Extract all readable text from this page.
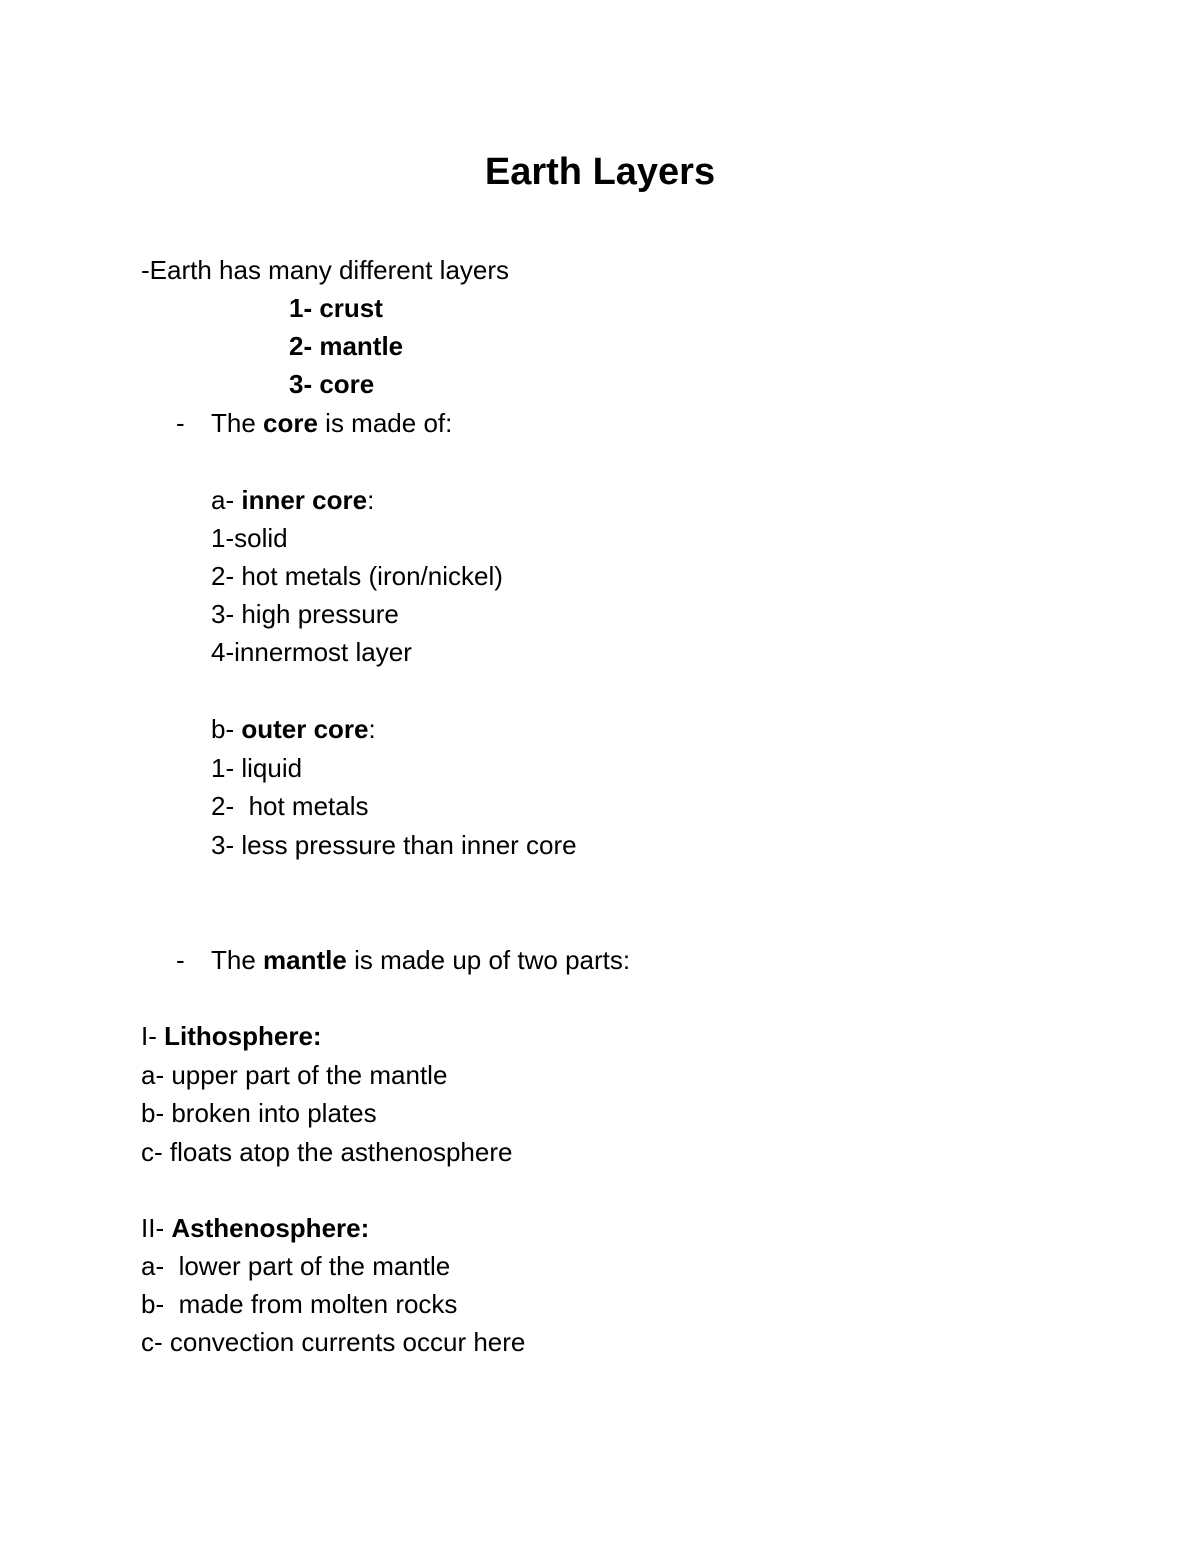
Earth Layers
-Earth has many different layers
1- crust
2- mantle
3- core
- The core is made of:
a- inner core:
1-solid
2- hot metals (iron/nickel)
3- high pressure
4-innermost layer
b- outer core:
1- liquid
2-  hot metals
3- less pressure than inner core
- The mantle is made up of two parts:
I- Lithosphere:
a- upper part of the mantle
b- broken into plates
c- floats atop the asthenosphere
II- Asthenosphere:
a-  lower part of the mantle
b-  made from molten rocks
c- convection currents occur here
